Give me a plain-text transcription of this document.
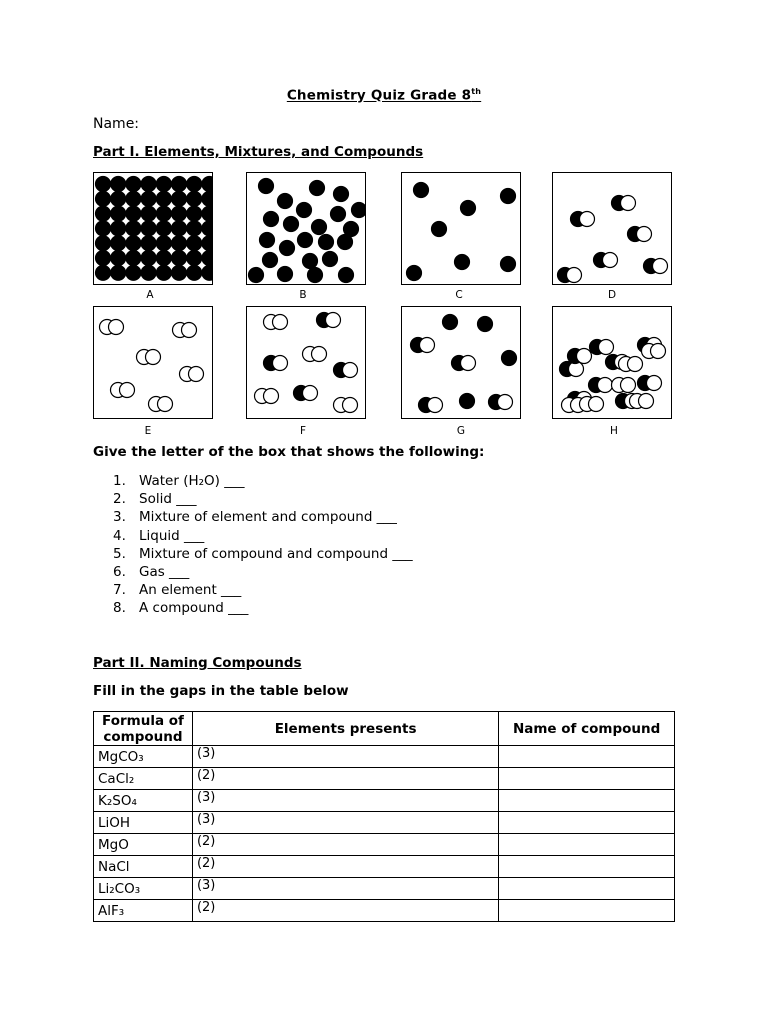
Chemistry Quiz Grade 8th
Name:
Part I. Elements, Mixtures, and Compounds
A	B	C	D
E	F	G	H
Give the letter of the box that shows the following:
1. Water (H₂O) ___
2. Solid ___
3. Mixture of element and compound ___
4. Liquid ___
5. Mixture of compound and compound ___
6. Gas ___
7. An element ___
8. A compound ___
Part II. Naming Compounds
Fill in the gaps in the table below
Formula of compound	Elements presents	Name of compound
MgCO₃	(3)	
CaCl₂	(2)	
K₂SO₄	(3)	
LiOH	(3)	
MgO	(2)	
NaCl	(2)	
Li₂CO₃	(3)	
AlF₃	(2)	
